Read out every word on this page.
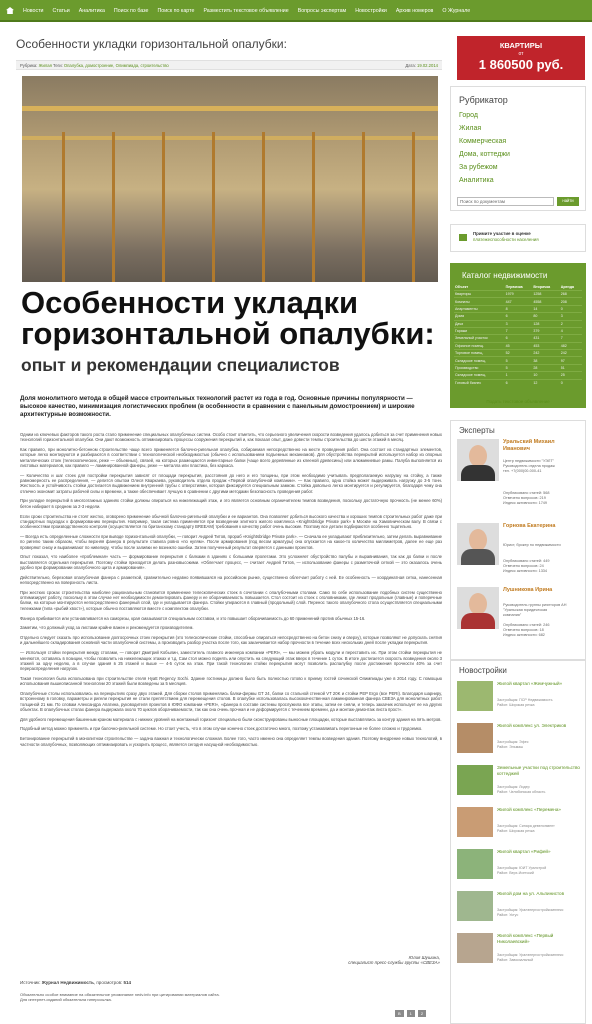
Новости Статьи Аналитика Поиск по базе Поиск по карте Разместить текстовое объявление Вопросы экспертам Новостройки Архив номеров О Журнале
Особенности укладки горизонтальной опалубки:
Рубрика: Жилая Теги: Опалубка, домостроение, Олимпиада, строительство	Дата: 19.02.2014
Особенности укладки горизонтальной опалубки:
опыт и рекомендации специалистов
Доля монолитного метода в общей массе строительных технологий растет из года в год. Основные причины популярности — высокое качество, минимизация логистических проблем (в особенности в сравнении с панельным домостроением) и широкие архитектурные возможности.

Одним из ключевых факторов такого роста стало применение специальных опалубочных систем. Особо стоит отметить, что серьезного увеличения скорости возведения удалось добиться за счет применения новых технологий горизонтальной опалубки. Они дают возможность оптимизировать процессы сооружения перекрытий и, как показал опыт, даже довести темпы строительства до шести этажей в месяц.

Как правило, при монолитно-бетонном строительстве чаще всего применяется балочно-ригельная опалубка, собираемая непосредственно на месте проведения работ. Она состоит из стандартных элементов, которые легко монтируются и разбираются в соответствии с технологической необходимостью (обычно с использованием подъемных механизмов). Для обустройства перекрытий используется набор из опорных металлических стоек (телескопических, реже — объемных), связей, на которых размещаются инвентарные балки (чаще всего деревянные из клееной древесины) или алюминиевые рамы. Палуба выполняется из листовых материалов, как правило — ламинированной фанеры, реже — металла или пластика, без каркаса.

— Количество и шаг стоек для постройки перекрытия зависят от площади перекрытия, расстояния до него и его толщины, при этом необходимо учитывать предполагаемую нагрузку на стойку, а также равномерность ее распределения, — делится опытом Олеся Кваркаева, руководитель отдела продаж «Первой опалубочной компании». — Как правило, одна стойка может выдерживать нагрузку до 3-5 тонн. Жесткость и устойчивость стойки достигается выдвижением внутренней трубы с отверстиями, которая фиксируется специальным замком. Стойка довольно легко монтируется и регулируется, благодаря чему она отлично экономит затраты рабочей силы и времени, а также обеспечивает лучшую в сравнении с другими методами безопасность проведения работ.

При укладке перекрытий в многоэтажных зданиях стойки должны опираться на нижележащий этаж, и это является основным ограничителем темпов возведения, поскольку достаточную прочность (не менее 60%) бетон набирает в среднем за 2-3 недели.

Если сроки строительства не стоят жестко, оговорено применение обычной балочно-ригельной опалубки и ее вариантов. Она позволяет добиться высокого качества и хороших темпов строительных работ даже при стандартных подходах к формированию перекрытия. Например, такая система применяется при возведении элитного жилого комплекса «Knightsbridge Private park» в Москве на Хамовническом валу. В связи с особенностями производственного контроля (осуществляется по британскому стандарту BREEAM) требования к качеству работ очень высокие. Поэтому все детали подбираются особенно тщательно.

— Всегда есть определенные сложности при выводе горизонтальной опалубки, — говорит Андрей Титов, прораб «Knightsbridge Private park». — Сначала ее укладывают приблизительно, затем делать выравнивание по ригелю таким образом, чтобы верхняя фанера в результате ставила ровно «по нулям». После армирования (под весом арматуры) она опускается на какое-то количество миллиметров, далее ее еще раз проверяют снизу и выравнивают по нивелиру, чтобы после заливки не возникло ошибки. Затем полученный результат сверяется с данными проектов.

Опыт показал, что наиболее «проблемная» часть — формирование перекрытия с балками в зданиях с большими пролетами. Это усложняет обустройство палубы и выравнивания, так как до балки и после выставляется отдельная перекрытия. Поэтому стойки приходится делать разновысокими. «Облегчает процесс, — считает Андрей Титов, — использование фанеры с разметочной сеткой — это оказалось очень удобно при формировании опалубочного щита и армирования».

Действительно, березовая опалубочная фанера с разметкой, сравнительно недавно появившаяся на российском рынке, существенно облегчает работу с ней. Ее особенность — координатная сетка, нанесенная непосредственно на поверхность листа.

При жестких сроках строительства наиболее рациональным становится применение телескопических стоек в сочетании с опалубочными столами. Само по себе использование подобных систем существенно оптимизирует работу, поскольку в этом случае нет необходимости демонтировать фанеру и ее оборачиваемость повышается. Стол состоит из стоек с оголовниками, где лежат продольные (главные) и поперечные балки, на которые монтируются непосредственно фанерный слой, где и укладывается фанера. Стойки упираются в главный (продольный) слой. Перенос такого опалубочного стола осуществляется специальными тележками (типа «рыбий хвост»), которые обычно поставляются вместе с комплектом опалубки.

Фанера прибивается или устанавливается на саморезы, края смазываются специальным составом, и это повышает оборачиваемость до 60 применений против обычных 15-16.

Заметим, что должный уход за листами крайне важен и рекомендуется производителем.

Отдельно следует сказать про использование долгосрочных стоек перекрытия (это телескопические стойки, способные опираться непосредственно на бетон снизу и сверху), которые позволяют не допускать снятия и дальнейшего складирования основной части опалубочной системы, а производить разбор участка после того, как заканчивается набор прочности в течение всех нескольких дней после укладки перекрытия.

— Используя стойки перекрытия между столами, — говорит Дмитрий Кобылин, заместитель главного инженера компании «PERI», — мы можем убрать модули и переставить их. При этом стойки перекрытия не меняются, оставаясь в позиции, чтобы позволить на нижележащих этажах и т.д. Сам стол можно поднять или опустить на следующий этаж вверх в течение 1 суток. В итоге достигается скорость возведения около 3 этажей за одну неделю, а в случае здания в 25 этажей и выше — 4-5 суток на этаж. При такой технологии стойки перекрытия могут позволить распалубку после достижения прочности 40% за счет перераспределения нагрузок.

Такая технология была использована при строительстве отеля Hyatt Regency Sochi. Здание гостиницы должно было быть полностью готово к приему гостей сочинской Олимпиады уже в 2014 году. С помощью использования вышеописанной технологии 20 этажей были возведены за 5 месяцев.

Опалубочные столы использовались на перекрытиях сразу двух этажей. Для сборки столов применялись балки-фермы GT 24, балки со стальной стенкой VT 20K и стойки PEP Ergo (все PERI). Благодаря шарниру, встроенному в головку, параметры и ригели перекрытия не стали препятствием для перемещения столов. В опалубке использовалась высококачественная ламинированная фанера CBE3A для монолитных работ толщиной 21 мм. По словам Александра Апатина, руководителя проектов в ЮФО компании «PERI», «фанера в составе системы прослужила все этапы, затем ее сняли, и теперь заказчик использует ее на других объектах. В опалубочных столах фанера выдержала около 70 циклов оборачиваемости, так как она очень прочная и не деформируется с течением времени, да и монтаж-демонтаж листа прост».

Для удобного перемещения башенным краном материала с нижних уровней на монтажный горизонт специально были сконструированы выносные площадки, которые выставлялись за контур здания на пять метров.

Подобный метод можно применять и при балочно-ригельной системе. Но стоит учесть, что в этом случае конечно стоек достаточно много, поэтому устанавливать перегонные не более сложно и трудоемко.

Бетонирование перекрытий в монолитном строительстве — задача важная и технологически сложная. Более того, часто именно она определяет темпы возведения здания. Поэтому внедрение новых технологий, в частности опалубочных, позволяющих оптимизировать и ускорить процесс, является сегодня насущной необходимостью.

Юлия Шушина,
специалист пресс-службы группы «СВЕЗА»
Источник: Журнал Недвижимость, просмотров: 514
Обязательно особое внимание на обязательное упоминание nedv.info при цитировании материалов сайта.
Для интернет-изданий обязательна гиперссылка.
В	1	2
КВАРТИРЫ
от
1 860500 руб.
Рубрикатор
Город
Жилая
Коммерческая
Дома, коттеджи
За рубежом
Аналитика
Поиск по документам	найти
Примите участие в оценке
платежеспособности населения
Каталог недвижимости
Объект	Первичка	Вторичка	Аренда
Квартиры	1979	1258	268
Комнаты	447	4558	208
Апартаменты	8	14	0
Дома	6	80	3
Дачи	3	128	2
Гаражи	7	379	4
Земельный участок	6	431	7
Офисное помещ.	45	453	482
Торговое помещ.	52	242	242
Складское помещ.	5	38	97
Производство	5	28	51
Складское помещ.	1	10	25
Готовый бизнес	6	12	0
Подать текстовое объявление
Эксперты
Уральский Михаил Иванович
Центр недвижимости "УЭЛТ"
Руководитель отдела продаж
тел. +7(000)00-000-41
Опубликовано статей: 568
Отвечено вопросов: 219
Индекс активности: 1749
Горнова Екатерина
Юрист, брокер по недвижимости
Опубликовано статей: 449
Отвечено вопросов: 24
Индекс активности: 1334
Лушникова Ирина
Руководитель группы риэлторов АН "Уральская юридическая
компания"
Опубликовано статей: 246
Отвечено вопросов: 18
Индекс активности: 682
Новостройки
Жилой квартал «Жемчужный»
Застройщик: ПСР Недвижимость
Район: Широкая речка
Жилой комплекс ул. Электриков
Застройщик: Эфес
Район: Эльмаш
Земельные участки под строительство коттеджей
Застройщик: Лидер
Район: Челябинская область
Жилой комплекс «Перемена»
Застройщик: Синара девелопмент
Район: Широкая речка
Жилой квартал «Рифей»
Застройщик: ЮИТ Уралстрой
Район: Верх-Исетский
Жилой дом на ул. Альпинистов
Застройщик: Уралэнергостройкомплекс
Район: Уктус
Жилой комплекс «Первый Николаевский»
Застройщик: Уралэнергостройкомплекс
Район: Завокзальный
